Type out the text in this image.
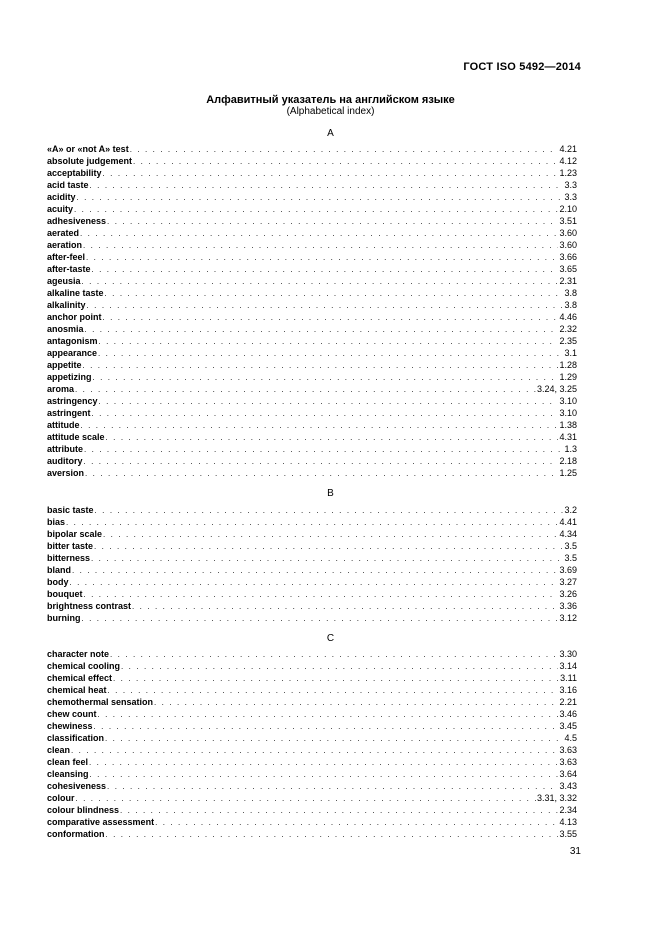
ГОСТ ISO 5492—2014
Алфавитный указатель на английском языке
(Alphabetical index)
A
«A» or «not A» test . . .	4.21
absolute judgement . . .	4.12
acceptability . . .	1.23
acid taste . . .	3.3
acidity . . .	3.3
acuity . . .	2.10
adhesiveness . . .	3.51
aerated . . .	3.60
aeration . . .	3.60
after-feel . . .	3.66
after-taste . . .	3.65
ageusia . . .	2.31
alkaline taste . . .	3.8
alkalinity . . .	3.8
anchor point . . .	4.46
anosmia . . .	2.32
antagonism . . .	2.35
appearance . . .	3.1
appetite . . .	1.28
appetizing . . .	1.29
aroma . . .	3.24, 3.25
astringency . . .	3.10
astringent . . .	3.10
attitude . . .	1.38
attitude scale . . .	4.31
attribute . . .	1.3
auditory . . .	2.18
aversion . . .	1.25
B
basic taste . . .	3.2
bias . . .	4.41
bipolar scale . . .	4.34
bitter taste . . .	3.5
bitterness . . .	3.5
bland . . .	3.69
body . . .	3.27
bouquet . . .	3.26
brightness contrast . . .	3.36
burning . . .	3.12
C
character note . . .	3.30
chemical cooling . . .	3.14
chemical effect . . .	3.11
chemical heat . . .	3.16
chemothermal sensation . . .	2.21
chew count . . .	3.46
chewiness . . .	3.45
classification . . .	4.5
clean . . .	3.63
clean feel . . .	3.63
cleansing . . .	3.64
cohesiveness . . .	3.43
colour . . .	3.31, 3.32
colour blindness . . .	2.34
comparative assessment . . .	4.13
conformation . . .	3.55
31
